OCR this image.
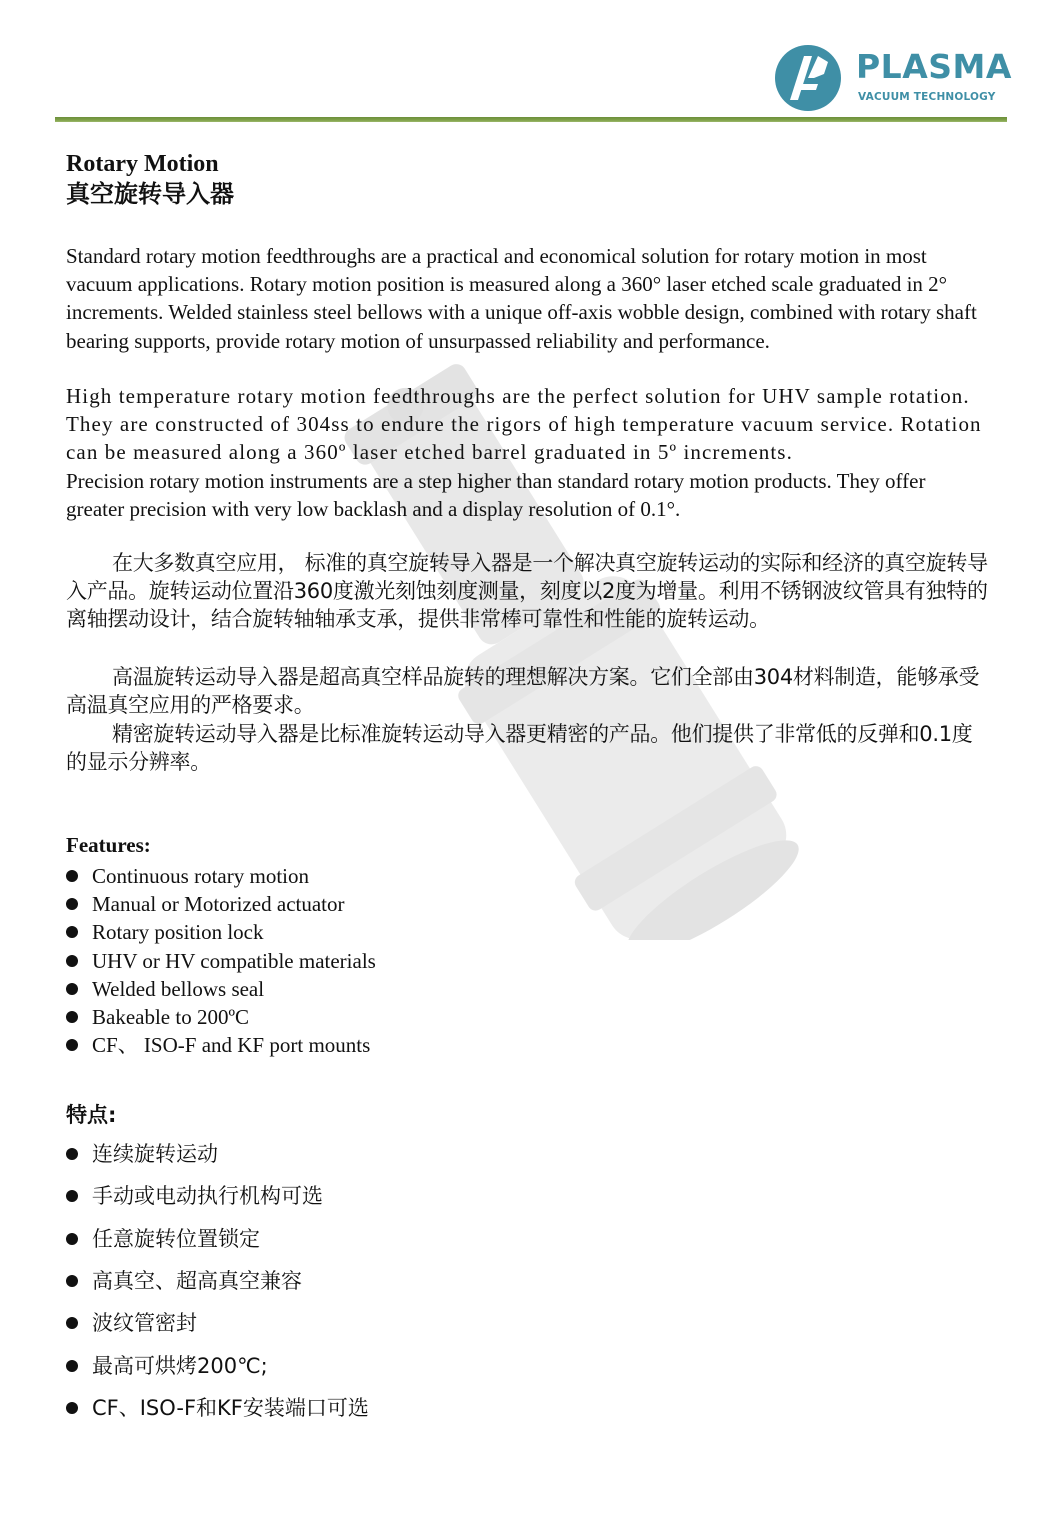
PLASMA
VACUUM TECHNOLOGY
Rotary Motion
真空旋转导入器

Standard rotary motion feedthroughs are a practical and economical solution for rotary motion in most vacuum applications. Rotary motion position is measured along a 360° laser etched scale graduated in 2° increments. Welded stainless steel bellows with a unique off-axis wobble design, combined with rotary shaft bearing supports, provide rotary motion of unsurpassed reliability and performance.

High temperature rotary motion feedthroughs are the perfect solution for UHV sample rotation. They are constructed of 304ss to endure the rigors of high temperature vacuum service. Rotation can be measured along a 360º laser etched barrel graduated in 5º increments.

Precision rotary motion instruments are a step higher than standard rotary motion products. They offer greater precision with very low backlash and a display resolution of 0.1°.

在大多数真空应用， 标准的真空旋转导入器是一个解决真空旋转运动的实际和经济的真空旋转导入产品。旋转运动位置沿360度激光刻蚀刻度测量，刻度以2度为增量。利用不锈钢波纹管具有独特的离轴摆动设计，结合旋转轴轴承支承，提供非常棒可靠性和性能的旋转运动。

高温旋转运动导入器是超高真空样品旋转的理想解决方案。它们全部由304材料制造，能够承受高温真空应用的严格要求。

精密旋转运动导入器是比标准旋转运动导入器更精密的产品。他们提供了非常低的反弹和0.1度的显示分辨率。

Features:
Continuous rotary motion
Manual or Motorized actuator
Rotary position lock
UHV or HV compatible materials
Welded bellows seal
Bakeable to 200ºC
CF、 ISO-F and KF port mounts
特点:
连续旋转运动
手动或电动执行机构可选
任意旋转位置锁定
高真空、超高真空兼容
波纹管密封
最高可烘烤200℃;
CF、ISO-F和KF安装端口可选
